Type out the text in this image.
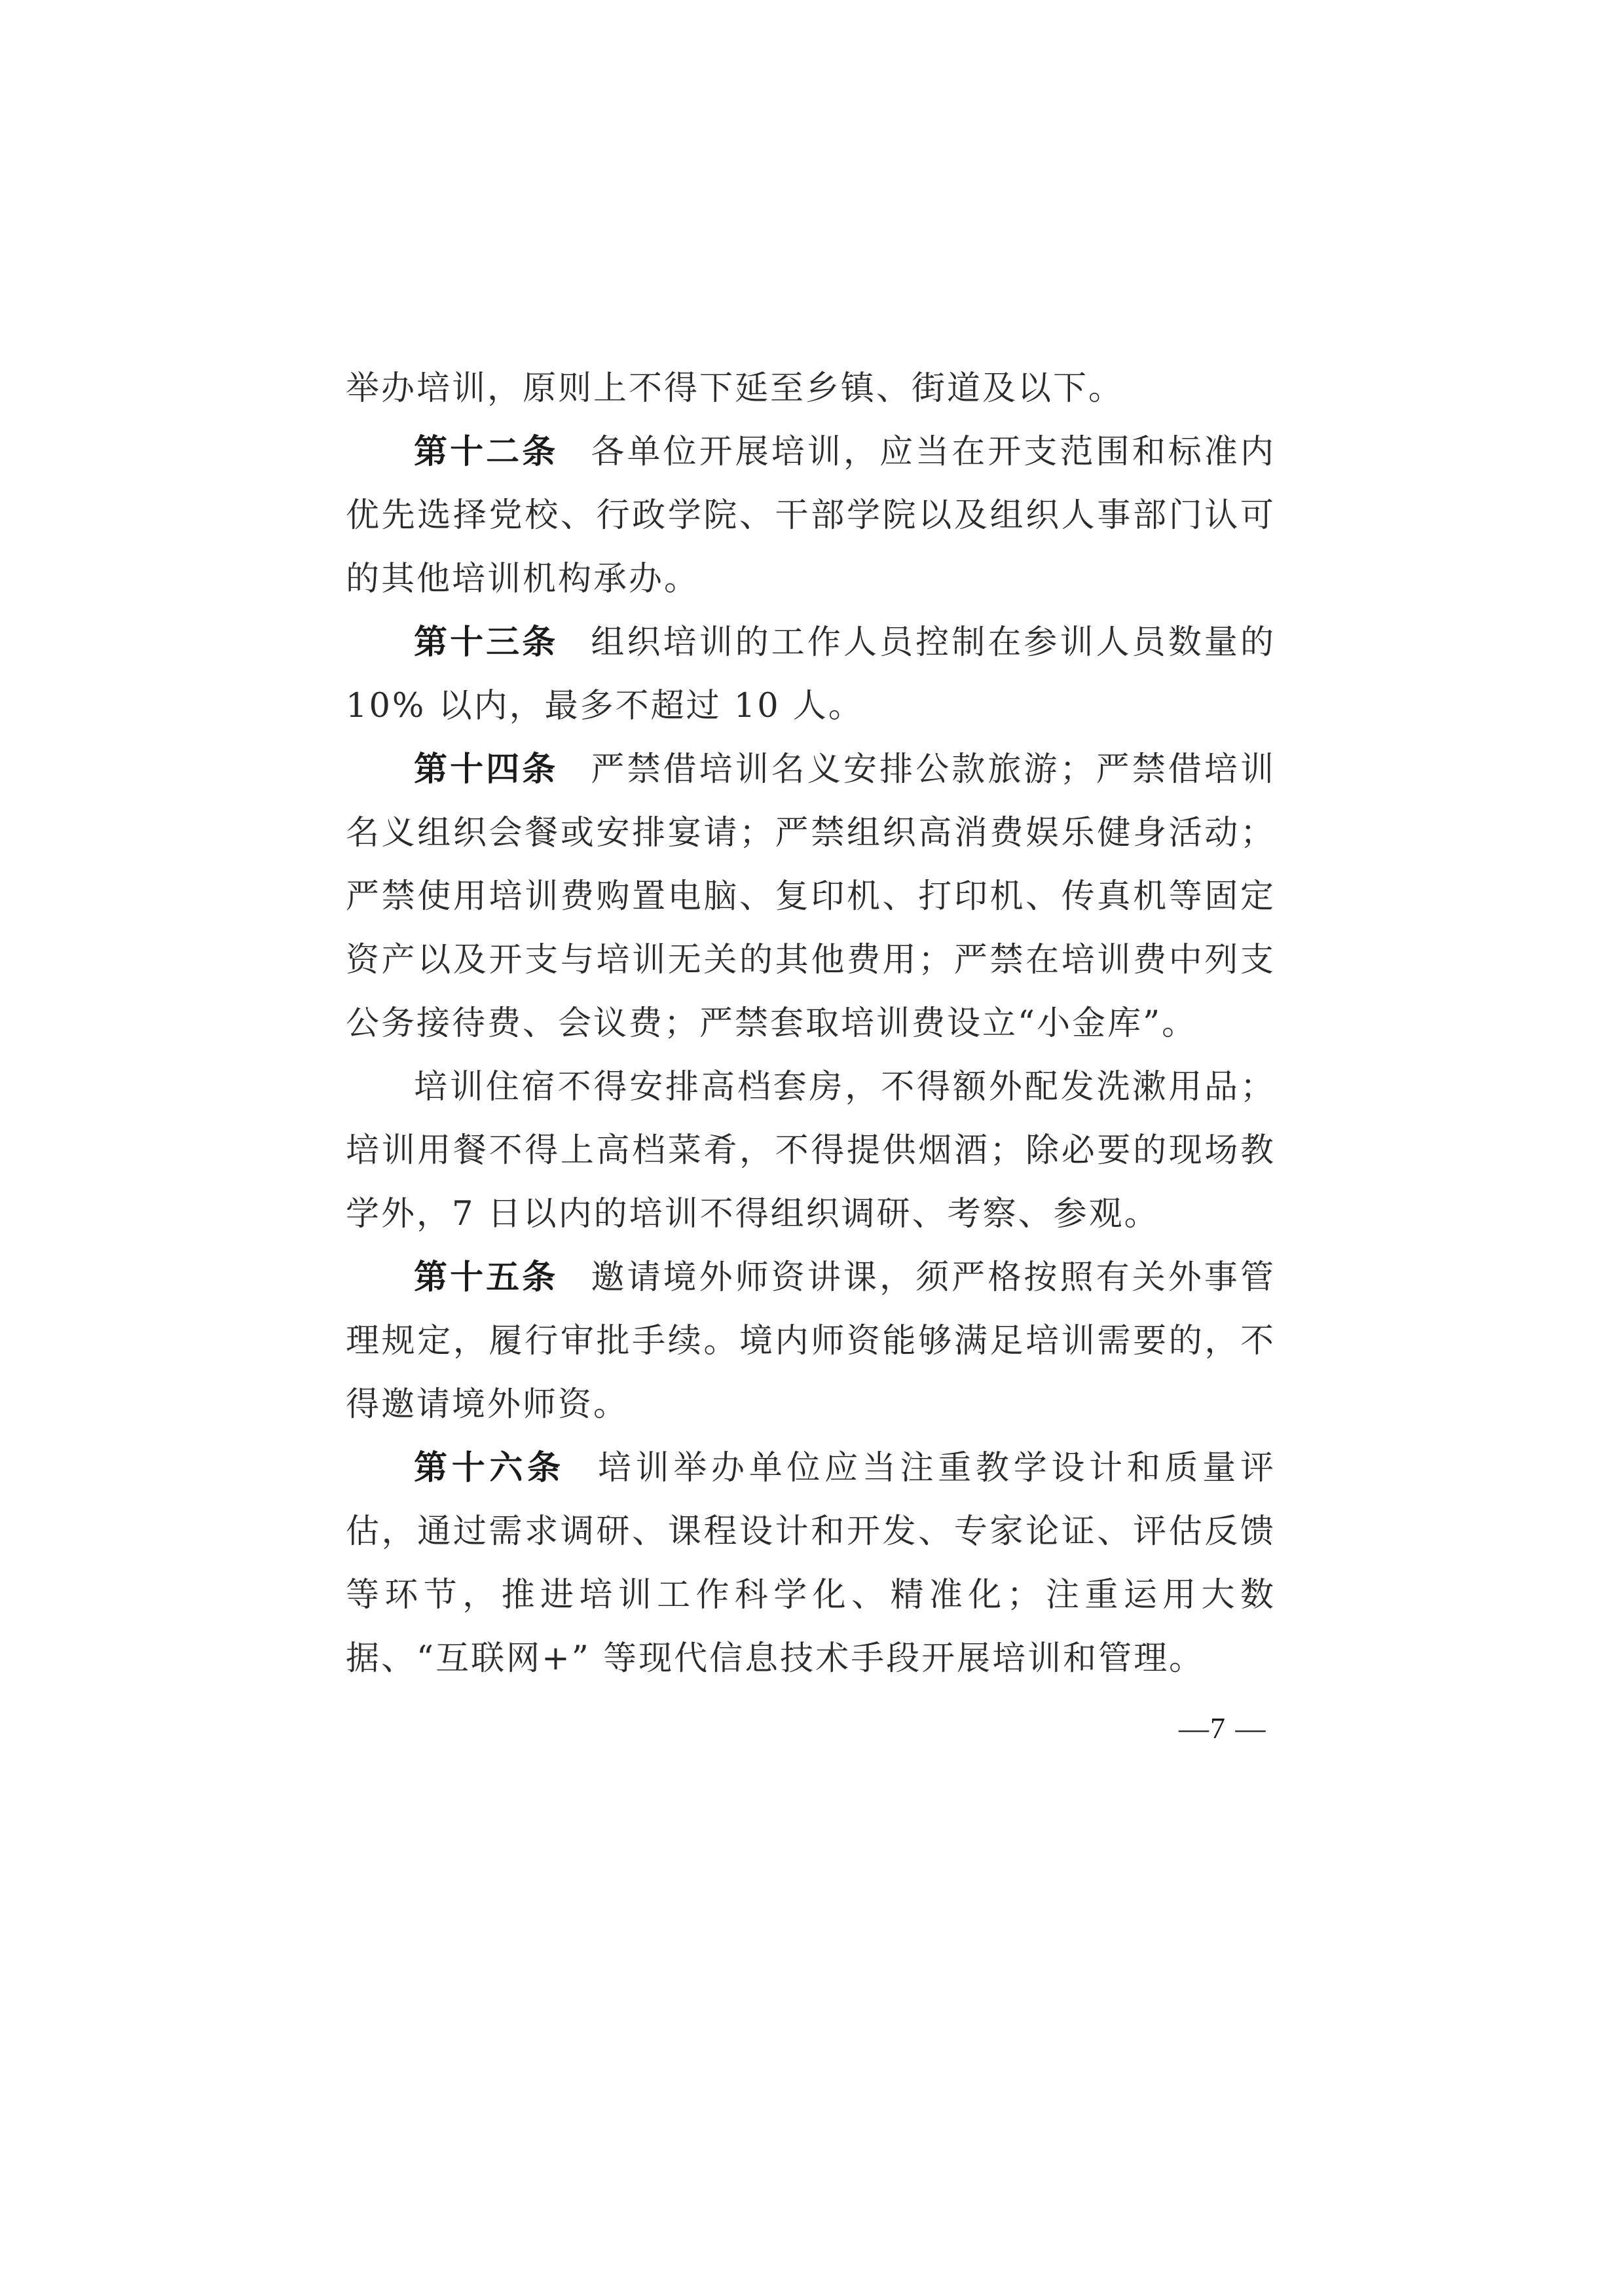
举办培训，原则上不得下延至乡镇、街道及以下。

第十二条 各单位开展培训，应当在开支范围和标准内优先选择党校、行政学院、干部学院以及组织人事部门认可的其他培训机构承办。

第十三条 组织培训的工作人员控制在参训人员数量的10% 以内，最多不超过 10 人。

第十四条 严禁借培训名义安排公款旅游；严禁借培训名义组织会餐或安排宴请；严禁组织高消费娱乐健身活动；严禁使用培训费购置电脑、复印机、打印机、传真机等固定资产以及开支与培训无关的其他费用；严禁在培训费中列支公务接待费、会议费；严禁套取培训费设立“小金库”。

培训住宿不得安排高档套房，不得额外配发洗漱用品；培训用餐不得上高档菜肴，不得提供烟酒；除必要的现场教学外，7 日以内的培训不得组织调研、考察、参观。

第十五条 邀请境外师资讲课，须严格按照有关外事管理规定，履行审批手续。境内师资能够满足培训需要的，不得邀请境外师资。

第十六条 培训举办单位应当注重教学设计和质量评估，通过需求调研、课程设计和开发、专家论证、评估反馈等环节，推进培训工作科学化、精准化；注重运用大数据、“互联网+” 等现代信息技术手段开展培训和管理。

—7 —
